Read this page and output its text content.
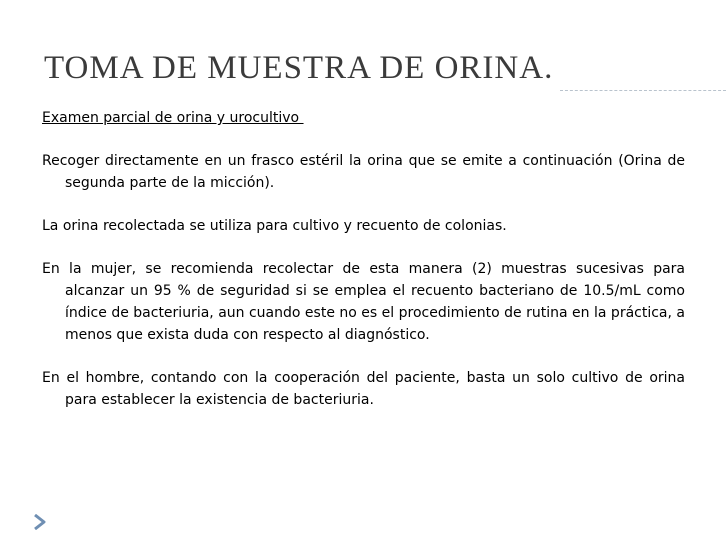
TOMA DE MUESTRA DE ORINA.

Examen parcial de orina y urocultivo

Recoger directamente en un frasco estéril la orina que se emite a continuación (Orina de segunda parte de la micción).

La orina recolectada se utiliza para cultivo y recuento de colonias.

En la mujer, se recomienda recolectar de esta manera (2) muestras sucesivas para alcanzar un 95 % de seguridad si se emplea el recuento bacteriano de 10.5/mL como índice de bacteriuria, aun cuando este no es el procedimiento de rutina en la práctica, a menos que exista duda con respecto al diagnóstico.

En el hombre, contando con la cooperación del paciente, basta un solo cultivo de orina para establecer la existencia de bacteriuria.
